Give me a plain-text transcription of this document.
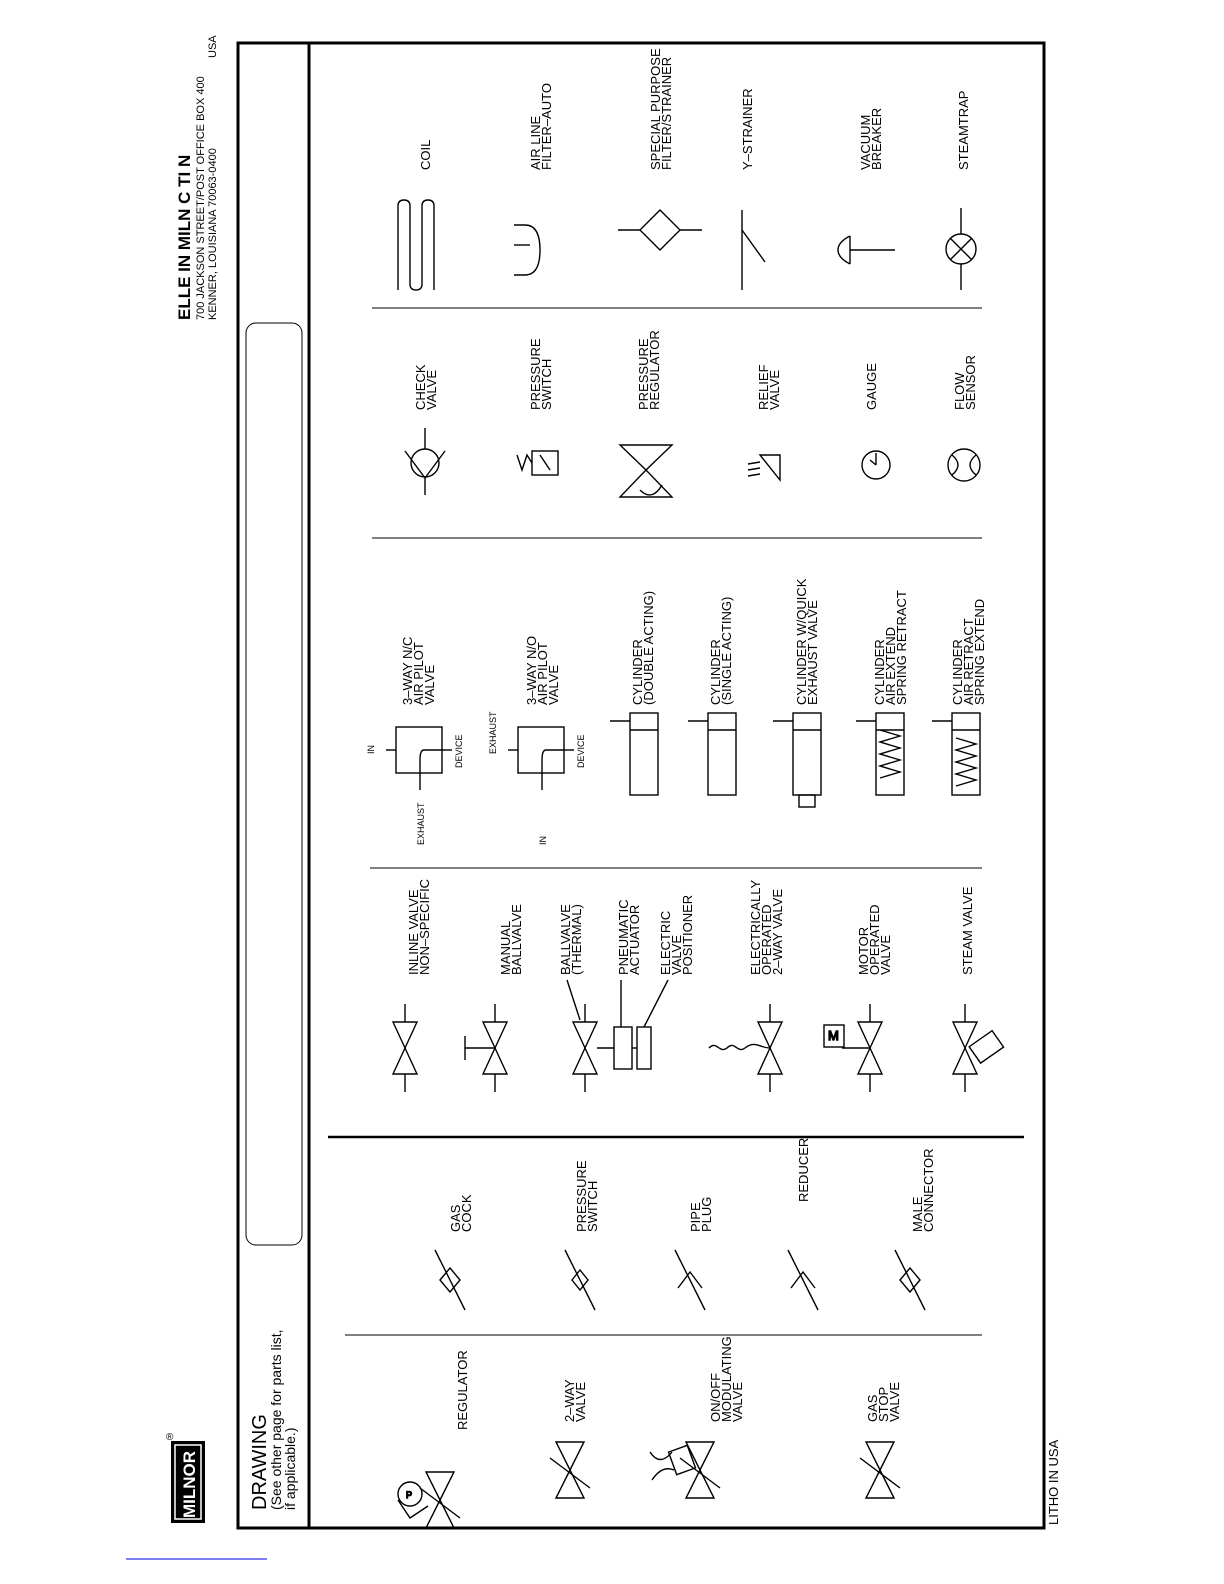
ELLE IN MILN C TI N 700 JACKSON STREET/POST OFFICE BOX 400 KENNER, LOUISIANA 70063-0400
USA
MILNOR
®	DRAWING
(See other page for parts list,
if applicable.)	LITHO IN USA
REGULATOR
P
2–WAY
VALVE	ON/OFF
MODULATING
VALVE	GAS
STOP
VALVE
GAS
COCK	PRESSURE
SWITCH	PIPE
PLUG
REDUCER
MALE
CONNECTOR
INLINE VALVE
NON–SPECIFIC	MANUAL
BALLVALVE	BALLVALVE
(THERMAL) PNEUMATIC
ACTUATOR ELECTRIC
VALVE
POSITIONER	ELECTRICALLY
OPERATED
2–WAY VALVE	MOTOR
OPERATED
VALVE	STEAM VALVE
M
3–WAY N/C
AIR PILOT
VALVE
IN
EXHAUST
DEVICE
3–WAY N/O
AIR PILOT
VALVE
EXHAUST
IN
DEVICE
CYLINDER
(DOUBLE ACTING)	CYLINDER
(SINGLE ACTING)	CYLINDER W/QUICK
EXHAUST VALVE	CYLINDER
AIR EXTEND
SPRING RETRACT	CYLINDER
AIR RETRACT
SPRING EXTEND
CHECK
VALVE	PRESSURE
SWITCH	PRESSURE
REGULATOR	RELIEF
VALVE	GAUGE	FLOW
SENSOR
COIL	AIR LINE
FILTER–AUTO	SPECIAL PURPOSE
FILTER/STRAINER	Y–STRAINER	VACUUM
BREAKER	STEAMTRAP
